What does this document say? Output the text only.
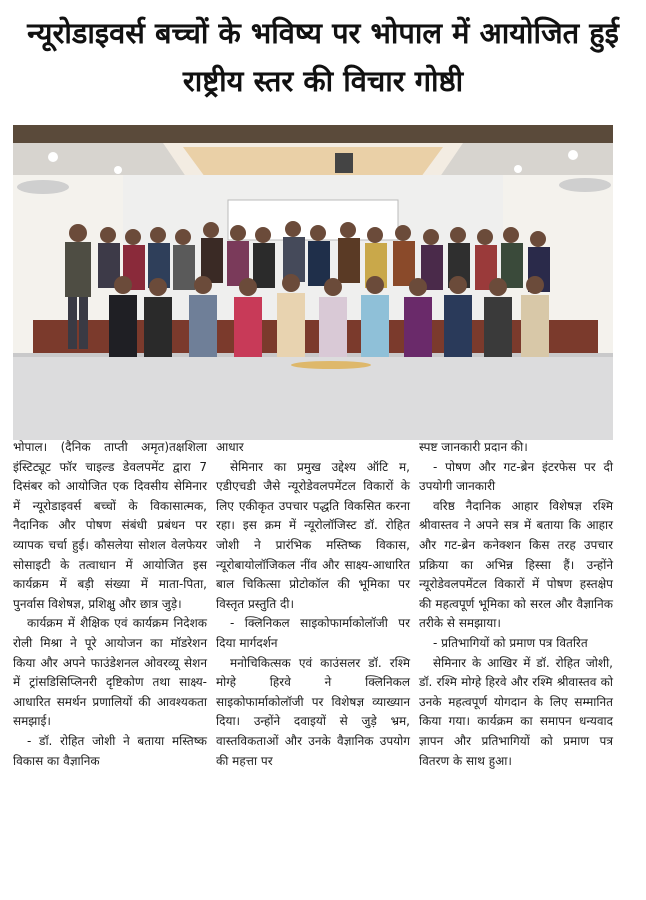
न्यूरोडाइवर्स बच्चों के भविष्य पर भोपाल में आयोजित हुई
राष्ट्रीय स्तर की विचार गोष्ठी

भोपाल। (दैनिक ताप्ती अमृत)तक्षशिला इंस्टिट्यूट फॉर चाइल्ड डेवलपमेंट द्वारा 7 दिसंबर को आयोजित एक दिवसीय सेमिनार में न्यूरोडाइवर्स बच्चों के विकासात्मक, नैदानिक और पोषण संबंधी प्रबंधन पर व्यापक चर्चा हुई। कौसलेया सोशल वेलफेयर सोसाइटी के तत्वाधान में आयोजित इस कार्यक्रम में बड़ी संख्या में माता-पिता, पुनर्वास विशेषज्ञ, प्रशिक्षु और छात्र जुड़े।

कार्यक्रम में शैक्षिक एवं कार्यक्रम निदेशक रोली मिश्रा ने पूरे आयोजन का मॉडरेशन किया और अपने फाउंडेशनल ओवरव्यू सेशन में ट्रांसडिसिप्लिनरी दृष्टिकोण तथा साक्ष्य-आधारित समर्थन प्रणालियों की आवश्यकता समझाई।

- डॉ. रोहित जोशी ने बताया मस्तिष्क विकास का वैज्ञानिक

आधार

सेमिनार का प्रमुख उद्देश्य ऑटि म, एडीएचडी जैसे न्यूरोडेवलपमेंटल विकारों के लिए एकीकृत उपचार पद्धति विकसित करना रहा। इस क्रम में न्यूरोलॉजिस्ट डॉ. रोहित जोशी ने प्रारंभिक मस्तिष्क विकास, न्यूरोबायोलॉजिकल नींव और साक्ष्य-आधारित बाल चिकित्सा प्रोटोकॉल की भूमिका पर विस्तृत प्रस्तुति दी।

- क्लिनिकल साइकोफार्माकोलॉजी पर दिया मार्गदर्शन

मनोचिकित्सक एवं काउंसलर डॉ. रश्मि मोग्हे हिरवे ने क्लिनिकल साइकोफार्माकोलॉजी पर विशेषज्ञ व्याख्यान दिया। उन्होंने दवाइयों से जुड़े भ्रम, वास्तविकताओं और उनके वैज्ञानिक उपयोग की महत्ता पर

स्पष्ट जानकारी प्रदान की।

- पोषण और गट-ब्रेन इंटरफेस पर दी उपयोगी जानकारी

वरिष्ठ नैदानिक आहार विशेषज्ञ रश्मि श्रीवास्तव ने अपने सत्र में बताया कि आहार और गट-ब्रेन कनेक्शन किस तरह उपचार प्रक्रिया का अभिन्न हिस्सा हैं। उन्होंने न्यूरोडेवलपमेंटल विकारों में पोषण हस्तक्षेप की महत्वपूर्ण भूमिका को सरल और वैज्ञानिक तरीके से समझाया।

- प्रतिभागियों को प्रमाण पत्र वितरित

सेमिनार के आखिर में डॉ. रोहित जोशी, डॉ. रश्मि मोग्हे हिरवे और रश्मि श्रीवास्तव को उनके महत्वपूर्ण योगदान के लिए सम्मानित किया गया। कार्यक्रम का समापन धन्यवाद ज्ञापन और प्रतिभागियों को प्रमाण पत्र वितरण के साथ हुआ।
